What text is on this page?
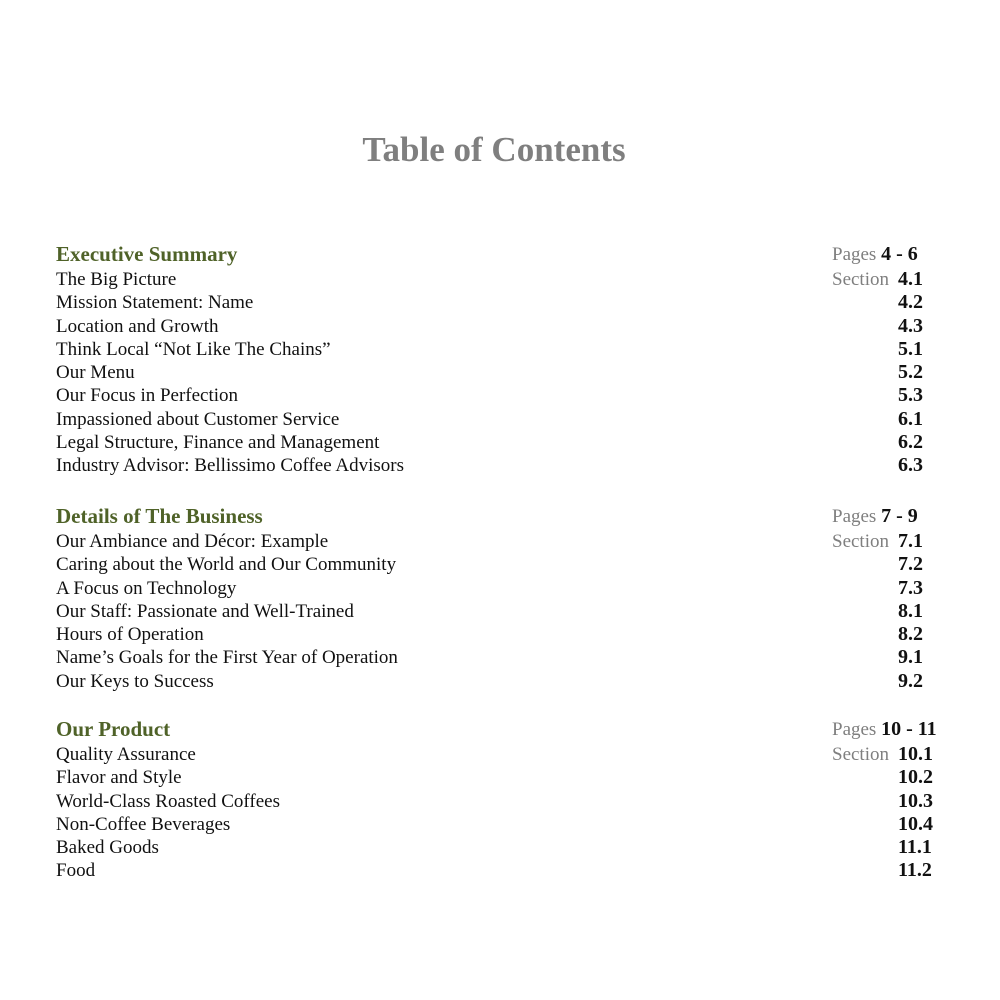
Table of Contents
Executive Summary	Pages 4 - 6
The Big Picture	Section 4.1
Mission Statement: Name	4.2
Location and Growth	4.3
Think Local “Not Like The Chains”	5.1
Our Menu	5.2
Our Focus in Perfection	5.3
Impassioned about Customer Service	6.1
Legal Structure, Finance and Management	6.2
Industry Advisor: Bellissimo Coffee Advisors	6.3
Details of The Business	Pages 7 - 9
Our Ambiance and Décor: Example	Section 7.1
Caring about the World and Our Community	7.2
A Focus on Technology	7.3
Our Staff: Passionate and Well-Trained	8.1
Hours of Operation	8.2
Name’s Goals for the First Year of Operation	9.1
Our Keys to Success	9.2
Our Product	Pages 10 - 11
Quality Assurance	Section 10.1
Flavor and Style	10.2
World-Class Roasted Coffees	10.3
Non-Coffee Beverages	10.4
Baked Goods	11.1
Food	11.2
